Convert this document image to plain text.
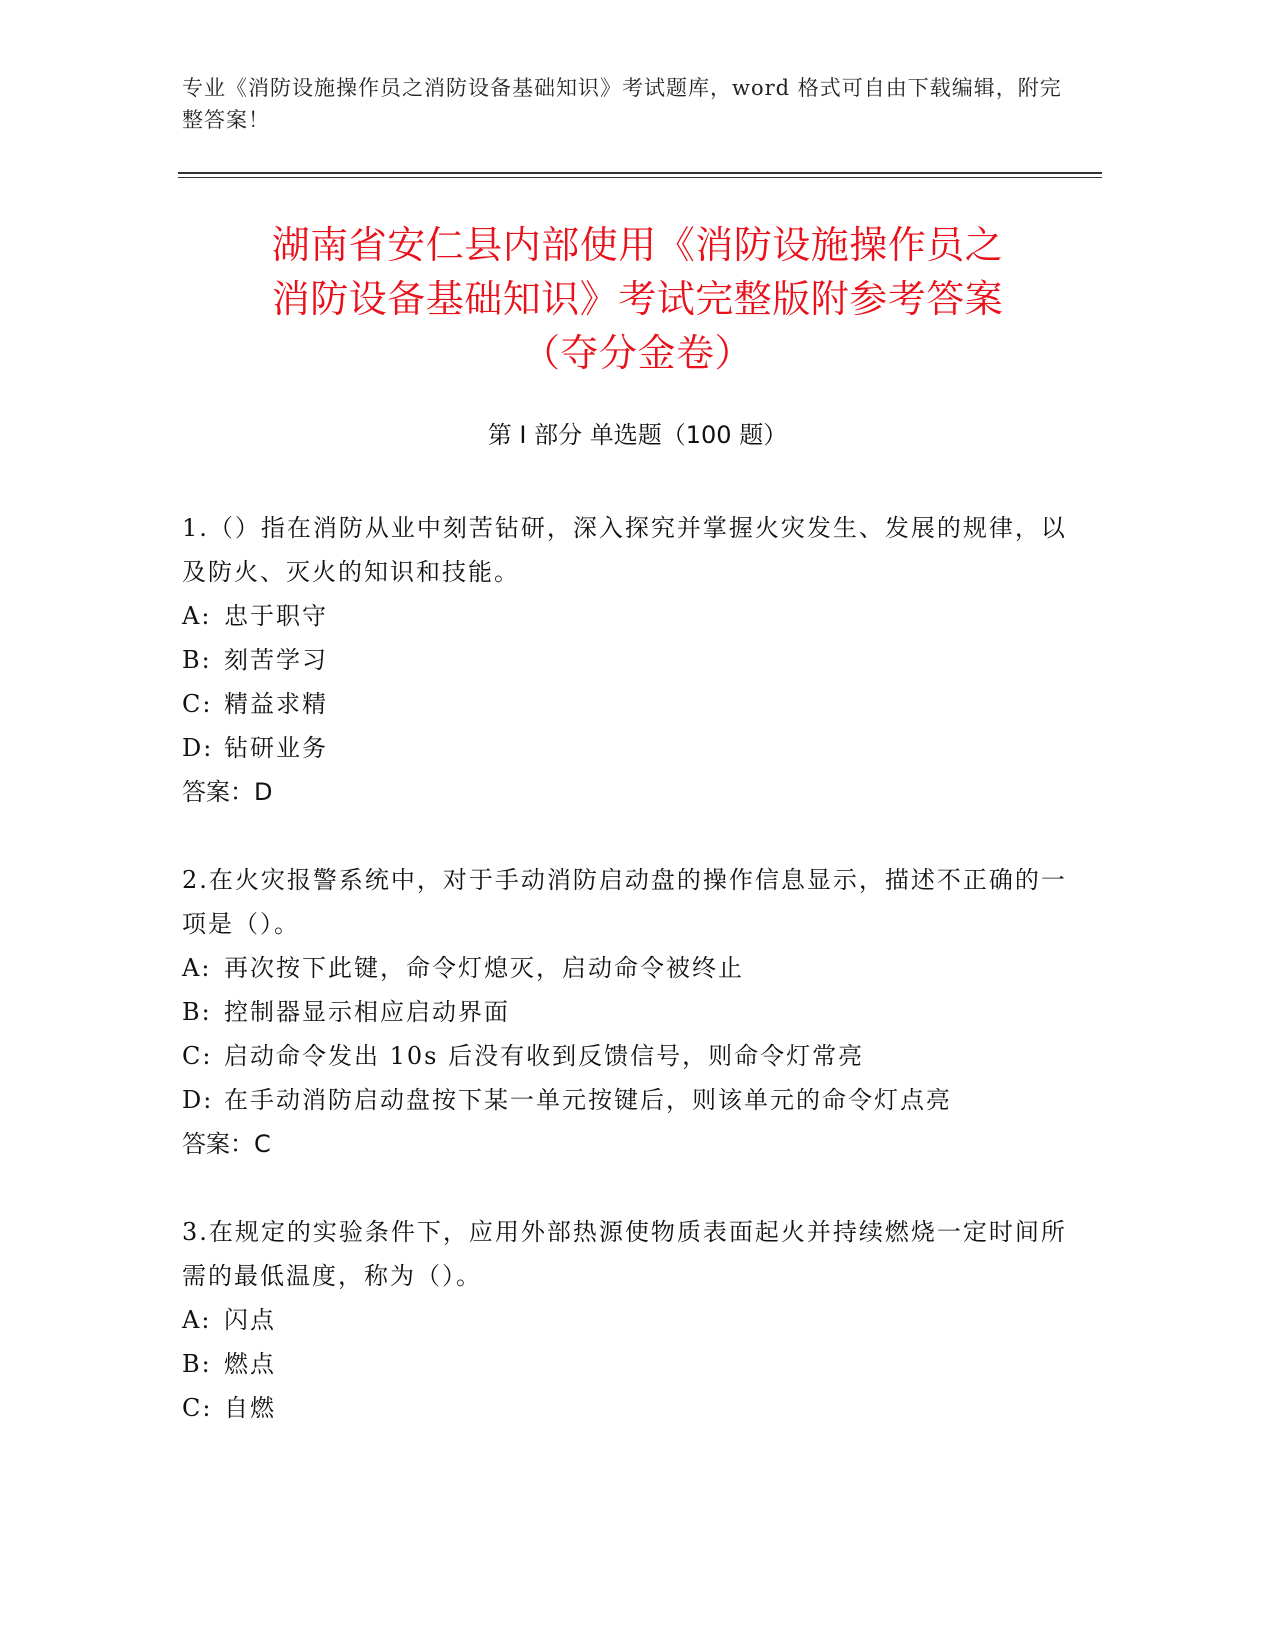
专业《消防设施操作员之消防设备基础知识》考试题库，word 格式可自由下载编辑，附完整答案！
湖南省安仁县内部使用《消防设施操作员之
消防设备基础知识》考试完整版附参考答案
（夺分金卷）
第 I 部分 单选题（100 题）

1.（）指在消防从业中刻苦钻研，深入探究并掌握火灾发生、发展的规律，以及防火、灭火的知识和技能。

A: 忠于职守

B: 刻苦学习

C: 精益求精

D: 钻研业务

答案：D

2.在火灾报警系统中，对于手动消防启动盘的操作信息显示，描述不正确的一项是（）。

A: 再次按下此键，命令灯熄灭，启动命令被终止

B: 控制器显示相应启动界面

C: 启动命令发出 10s 后没有收到反馈信号，则命令灯常亮

D: 在手动消防启动盘按下某一单元按键后，则该单元的命令灯点亮

答案：C

3.在规定的实验条件下，应用外部热源使物质表面起火并持续燃烧一定时间所需的最低温度，称为（）。

A: 闪点

B: 燃点

C: 自燃
